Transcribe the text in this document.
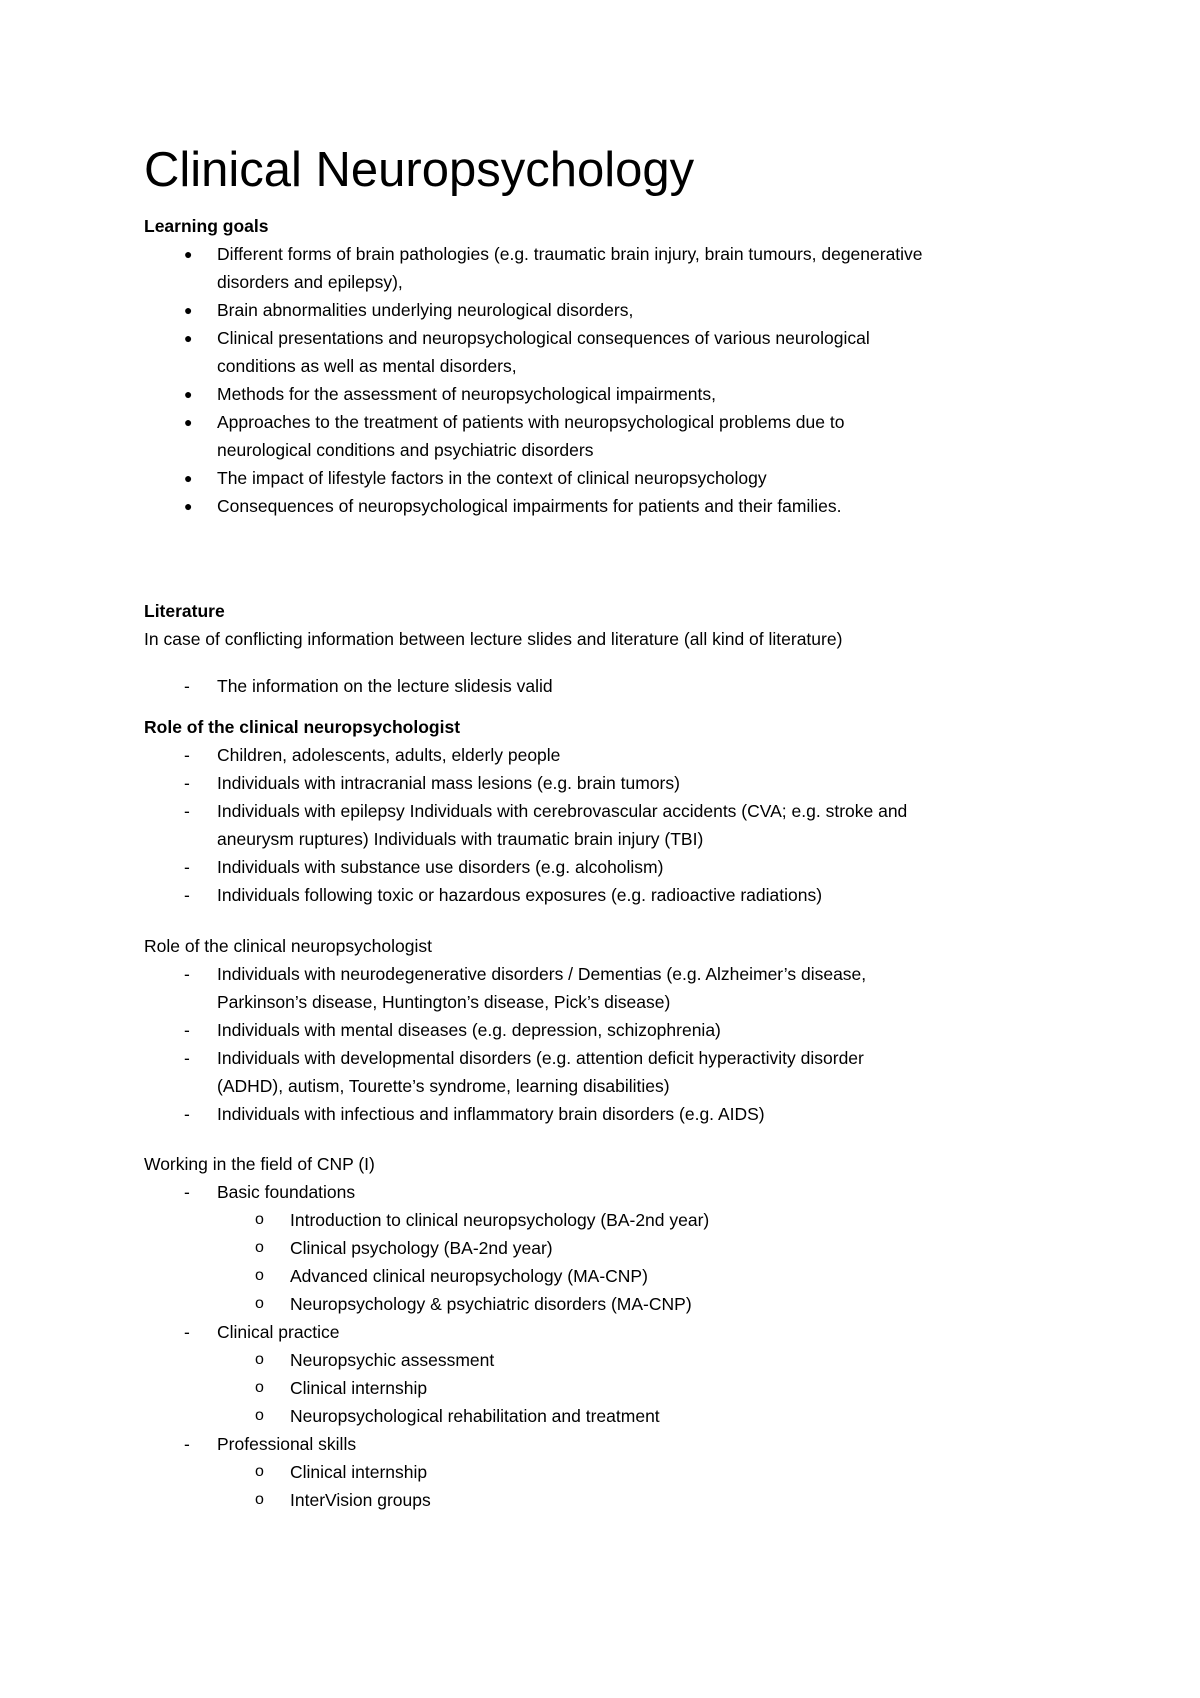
Clinical Neuropsychology
Learning goals
●	Different forms of brain pathologies (e.g. traumatic brain injury, brain tumours, degenerative
disorders and epilepsy),
●	Brain abnormalities underlying neurological disorders,
●	Clinical presentations and neuropsychological consequences of various neurological
conditions as well as mental disorders,
●	Methods for the assessment of neuropsychological impairments,
●	Approaches to the treatment of patients with neuropsychological problems due to
neurological conditions and psychiatric disorders
●	The impact of lifestyle factors in the context of clinical neuropsychology
●	Consequences of neuropsychological impairments for patients and their families.
Literature
In case of conflicting information between lecture slides and literature (all kind of literature)
-	The information on the lecture slidesis valid
Role of the clinical neuropsychologist
-	Children, adolescents, adults, elderly people
-	Individuals with intracranial mass lesions (e.g. brain tumors)
-	Individuals with epilepsy Individuals with cerebrovascular accidents (CVA; e.g. stroke and
aneurysm ruptures) Individuals with traumatic brain injury (TBI)
-	Individuals with substance use disorders (e.g. alcoholism)
-	Individuals following toxic or hazardous exposures (e.g. radioactive radiations)
Role of the clinical neuropsychologist
-	Individuals with neurodegenerative disorders / Dementias (e.g. Alzheimer’s disease,
Parkinson’s disease, Huntington’s disease, Pick’s disease)
-	Individuals with mental diseases (e.g. depression, schizophrenia)
-	Individuals with developmental disorders (e.g. attention deficit hyperactivity disorder
(ADHD), autism, Tourette’s syndrome, learning disabilities)
-	Individuals with infectious and inflammatory brain disorders (e.g. AIDS)
Working in the field of CNP (I)
-	Basic foundations
o	Introduction to clinical neuropsychology (BA-2nd year)
o	Clinical psychology (BA-2nd year)
o	Advanced clinical neuropsychology (MA-CNP)
o	Neuropsychology & psychiatric disorders (MA-CNP)
-	Clinical practice
o	Neuropsychic assessment
o	Clinical internship
o	Neuropsychological rehabilitation and treatment
-	Professional skills
o	Clinical internship
o	InterVision groups
